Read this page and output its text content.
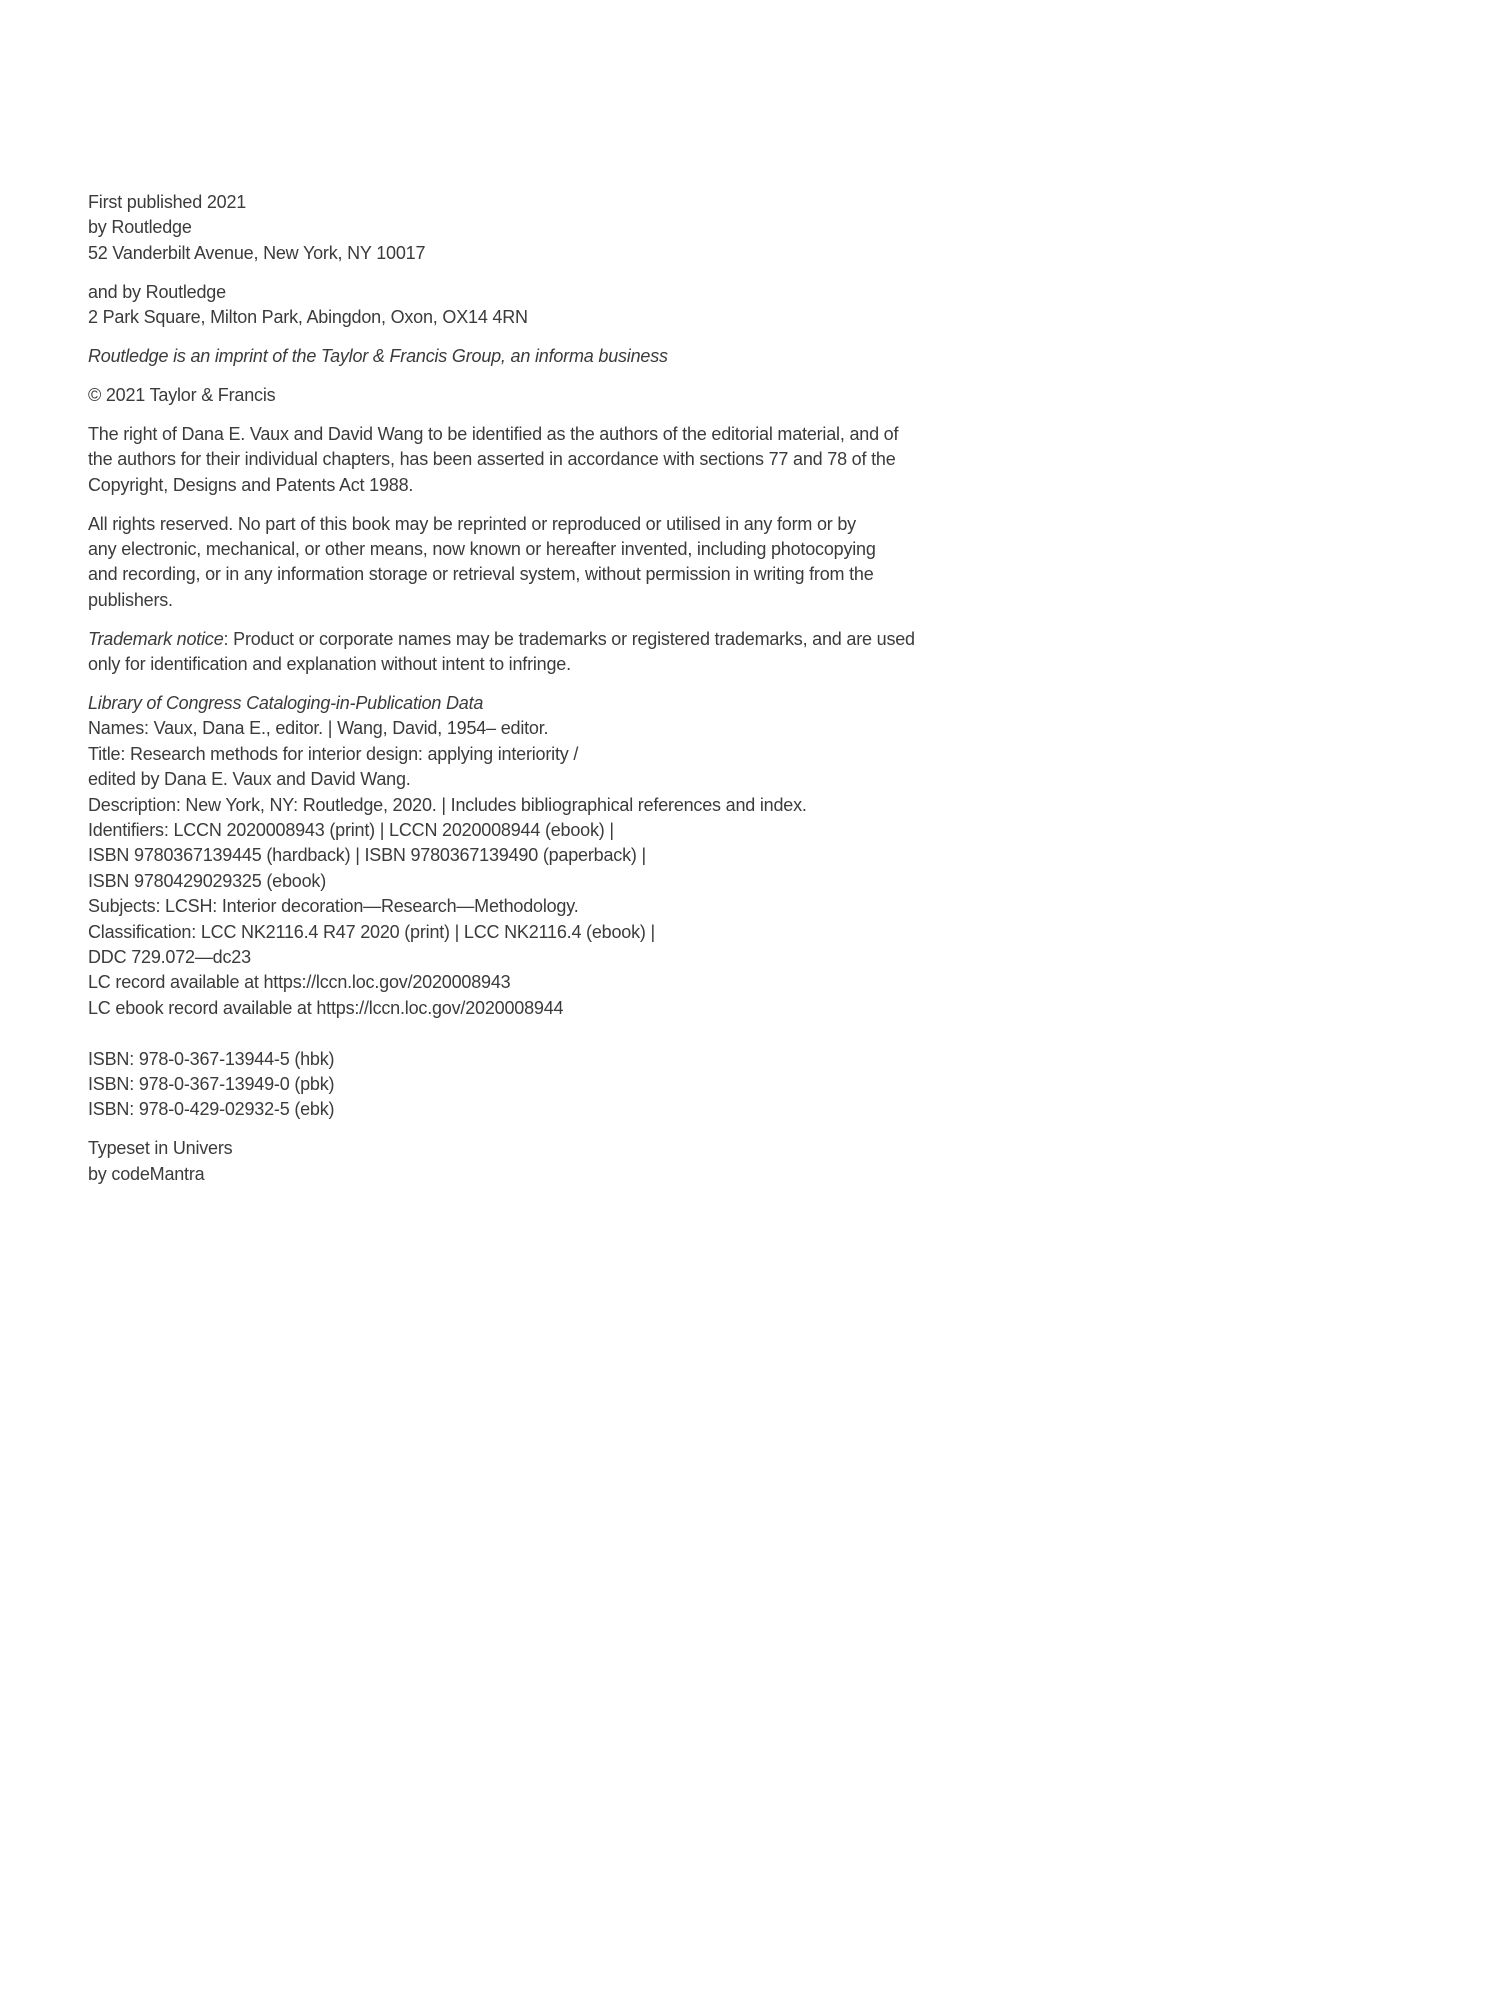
First published 2021
by Routledge
52 Vanderbilt Avenue, New York, NY 10017
and by Routledge
2 Park Square, Milton Park, Abingdon, Oxon, OX14 4RN
Routledge is an imprint of the Taylor & Francis Group, an informa business
© 2021 Taylor & Francis
The right of Dana E. Vaux and David Wang to be identified as the authors of the editorial material, and of
the authors for their individual chapters, has been asserted in accordance with sections 77 and 78 of the
Copyright, Designs and Patents Act 1988.
All rights reserved. No part of this book may be reprinted or reproduced or utilised in any form or by
any electronic, mechanical, or other means, now known or hereafter invented, including photocopying
and recording, or in any information storage or retrieval system, without permission in writing from the
publishers.
Trademark notice: Product or corporate names may be trademarks or registered trademarks, and are used
only for identification and explanation without intent to infringe.
Library of Congress Cataloging-in-Publication Data
Names: Vaux, Dana E., editor. | Wang, David, 1954– editor.
Title: Research methods for interior design: applying interiority /
edited by Dana E. Vaux and David Wang.
Description: New York, NY: Routledge, 2020. | Includes bibliographical references and index.
Identifiers: LCCN 2020008943 (print) | LCCN 2020008944 (ebook) |
ISBN 9780367139445 (hardback) | ISBN 9780367139490 (paperback) |
ISBN 9780429029325 (ebook)
Subjects: LCSH: Interior decoration—Research—Methodology.
Classification: LCC NK2116.4 R47 2020 (print) | LCC NK2116.4 (ebook) |
DDC 729.072—dc23
LC record available at https://lccn.loc.gov/2020008943
LC ebook record available at https://lccn.loc.gov/2020008944
ISBN: 978-0-367-13944-5 (hbk)
ISBN: 978-0-367-13949-0 (pbk)
ISBN: 978-0-429-02932-5 (ebk)
Typeset in Univers
by codeMantra
